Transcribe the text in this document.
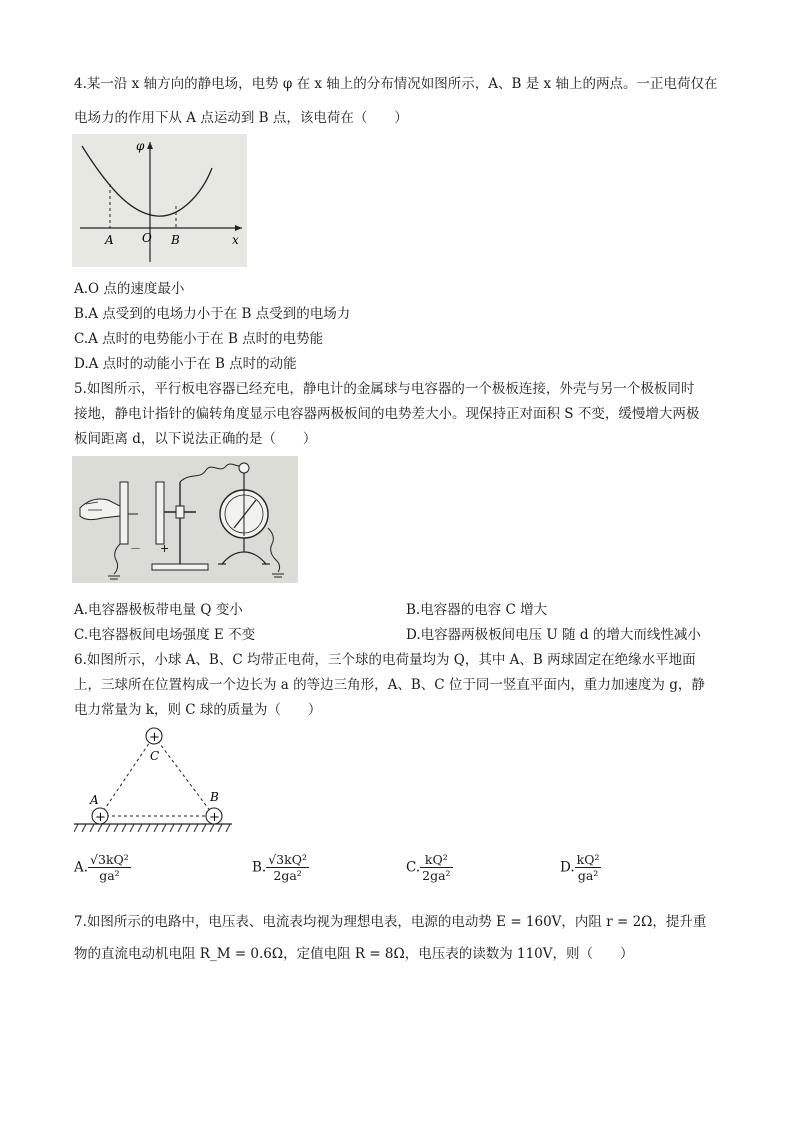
4.某一沿 x 轴方向的静电场，电势 φ 在 x 轴上的分布情况如图所示，A、B 是 x 轴上的两点。一正电荷仅在
电场力的作用下从 A 点运动到 B 点，该电荷在（　　）
φ
x
A O B
A.O 点的速度最小
B.A 点受到的电场力小于在 B 点受到的电场力
C.A 点时的电势能小于在 B 点时的电势能
D.A 点时的动能小于在 B 点时的动能
5.如图所示，平行板电容器已经充电，静电计的金属球与电容器的一个极板连接，外壳与另一个极板同时
接地，静电计指针的偏转角度显示电容器两极板间的电势差大小。现保持正对面积 S 不变，缓慢增大两极
板间距离 d，以下说法正确的是（　　）
－ +
A.电容器极板带电量 Q 变小	B.电容器的电容 C 增大
C.电容器板间电场强度 E 不变	D.电容器两极板间电压 U 随 d 的增大而线性减小
6.如图所示，小球 A、B、C 均带正电荷，三个球的电荷量均为 Q，其中 A、B 两球固定在绝缘水平地面
上，三球所在位置构成一个边长为 a 的等边三角形，A、B、C 位于同一竖直平面内，重力加速度为 g，静
电力常量为 k，则 C 球的质量为（　　）
+	+
+
A	B
C
A. $\frac{\text{√3kQ²}}{\text{ga²}}$	B. $\frac{\text{√3kQ²}}{\text{2ga²}}$	C. $\frac{\text{kQ²}}{\text{2ga²}}$	D. $\frac{\text{kQ²}}{\text{ga²}}$
7.如图所示的电路中，电压表、电流表均视为理想电表，电源的电动势 E = 160V，内阻 r = 2Ω，提升重
物的直流电动机电阻 R_M = 0.6Ω，定值电阻 R = 8Ω，电压表的读数为 110V，则（　　）
